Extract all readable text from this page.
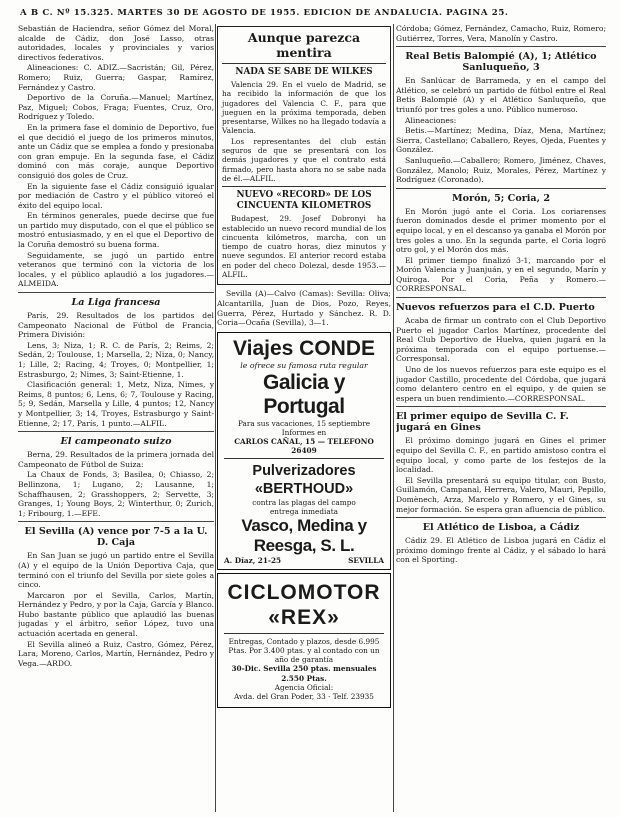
A B C. Nº 15.325. MARTES 30 DE AGOSTO DE 1955. EDICION DE ANDALUCIA. PAGINA 25.

Sebastián de Haciendra, señor Gómez del Moral, alcalde de Cádiz, don José Lasso, otras autoridades, locales y provinciales y varios directivos federativos.

Alineaciones: C. ADIZ.—Sacristán; Gil, Pérez, Romero; Ruiz, Guerra; Gaspar, Ramírez, Fernández y Castro.

Deportivo de la Coruña.—Manuel; Martínez, Paz, Miguel; Cobos, Fraga; Fuentes, Cruz, Oro, Rodríguez y Toledo.

En la primera fase el dominio de Deportivo, fue el que decidió el juego de los primeros minutos, ante un Cádiz que se emplea a fondo y presionaba con gran empuje. En la segunda fase, el Cádiz dominó con más coraje, aunque Deportivo consiguió dos goles de Cruz.

En la siguiente fase el Cádiz consiguió igualar por mediación de Castro y el público vitoreó el éxito del equipo local.

En términos generales, puede decirse que fue un partido muy disputado, con el que el público se mostró entusiasmado, y en el que el Deportivo de la Coruña demostró su buena forma.

Seguidamente, se jugó un partido entre veteranos que terminó con la victoria de los locales, y el público aplaudió a los jugadores.—ALMEIDA.

La Liga francesa

París, 29. Resultados de los partidos del Campeonato Nacional de Fútbol de Francia, Primera División:

Lens, 3; Niza, 1; R. C. de París, 2; Reims, 2; Sedán, 2; Toulouse, 1; Marsella, 2; Niza, 0; Nancy, 1; Lille, 2; Racing, 4; Troyes, 0; Montpellier, 1; Estrasburgo, 2; Nimes, 3; Saint-Etienne, 1.

Clasificación general: 1, Metz, Niza, Nimes, y Reims, 8 puntos; 6, Lens, 6; 7, Toulouse y Racing, 5; 9, Sedán, Marsella y Lille, 4 puntos; 12, Nancy y Montpellier, 3; 14, Troyes, Estrasburgo y Saint-Etienne, 2; 17, París, 1 punto.—ALFIL.

El campeonato suizo

Berna, 29. Resultados de la primera jornada del Campeonato de Fútbol de Suiza:

La Chaux de Fonds, 3; Basilea, 0; Chiasso, 2; Bellinzona, 1; Lugano, 2; Lausanne, 1; Schaffhausen, 2; Grasshoppers, 2; Servette, 3; Granges, 1; Young Boys, 2; Winterthur, 0; Zurich, 1; Fribourg, 1.—EFE.

El Sevilla (A) vence por 7-5 a la U. D. Caja

En San Juan se jugó un partido entre el Sevilla (A) y el equipo de la Unión Deportiva Caja, que terminó con el triunfo del Sevilla por siete goles a cinco.

Marcaron por el Sevilla, Carlos, Martín, Hernández y Pedro, y por la Caja, García y Blanco. Hubo bastante público que aplaudió las buenas jugadas y el árbitro, señor López, tuvo una actuación acertada en general.

El Sevilla alineó a Ruiz, Castro, Gómez, Pérez, Lara, Moreno, Carlos, Martín, Hernández, Pedro y Vega.—ARDO.

Aunque parezca mentira
NADA SE SABE DE WILKES

Valencia 29. En el vuelo de Madrid, se ha recibido la información de que los jugadores del Valencia C. F., para que jueguen en la próxima temporada, deben presentarse, Wilkes no ha llegado todavía a Valencia.

Los representantes del club están seguros de que se presentará con los demás jugadores y que el contrato está firmado, pero hasta ahora no se sabe nada de él.—ALFIL.

NUEVO «RECORD» DE LOS CINCUENTA KILOMETROS

Budapest, 29. Josef Dobronyi ha establecido un nuevo record mundial de los cincuenta kilómetros, marcha, con un tiempo de cuatro horas, diez minutos y nueve segundos. El anterior record estaba en poder del checo Dolezal, desde 1953.—ALFIL.

Sevilla (A)—Calvo (Camas): Sevilla: Oliva; Alcantarilla, Juan de Dios, Pozo, Reyes, Guerra, Pérez, Hurtado y Sánchez. R. D. Coria—Ocaña (Sevilla), 3—1.

Viajes CONDE
le ofrece su famosa ruta regular
Galicia y Portugal
Para sus vacaciones, 15 septiembre
Informes en
CARLOS CAÑAL, 15 — TELEFONO 26409
Pulverizadores «BERTHOUD»
contra las plagas del campo
entrega inmediata
Vasco, Medina y Reesga, S. L.
A. Díaz, 21-25	SEVILLA
CICLOMOTOR
«REX»
Entregas, Contado y plazos, desde 6.995 Ptas. Por 3.400 ptas. y al contado con un año de garantía
30-Dic. Sevilla 250 ptas. mensuales 2.550 Ptas.
Agencia Oficial:
Avda. del Gran Poder, 33 · Telf. 23935

Córdoba; Gómez, Fernández, Camacho, Ruiz, Romero; Gutiérrez, Torres, Vera, Manolín y Castro.

Real Betis Balompié (A), 1; Atlético Sanluqueño, 3

En Sanlúcar de Barrameda, y en el campo del Atlético, se celebró un partido de fútbol entre el Real Betis Balompié (A) y el Atlético Sanluqueño, que triunfó por tres goles a uno. Público numeroso.

Alineaciones:

Betis.—Martínez; Medina, Díaz, Mena, Martínez; Sierra, Castellano; Caballero, Reyes, Ojeda, Fuentes y González.

Sanluqueño.—Caballero; Romero, Jiménez, Chaves, González, Manolo; Ruiz, Morales, Pérez, Martínez y Rodríguez (Coronado).

Morón, 5; Coria, 2

En Morón jugó ante el Coria. Los coriarenses fueron dominados desde el primer momento por el equipo local, y en el descanso ya ganaba el Morón por tres goles a uno. En la segunda parte, el Coria logró otro gol, y el Morón dos más.

El primer tiempo finalizó 3-1, marcando por el Morón Valencia y Juanjuán, y en el segundo, Marín y Quiroga. Por el Coria, Peña y Romero.—CORRESPONSAL.

Nuevos refuerzos para el C.D. Puerto

Acaba de firmar un contrato con el Club Deportivo Puerto el jugador Carlos Martínez, procedente del Real Club Deportivo de Huelva, quien jugará en la próxima temporada con el equipo portuense.—Corresponsal.

Uno de los nuevos refuerzos para este equipo es el jugador Castillo, procedente del Córdoba, que jugará como delantero centro en el equipo, y de quien se espera un buen rendimiento.—CORRESPONSAL.

El primer equipo de Sevilla C. F. jugará en Gines

El próximo domingo jugará en Gines el primer equipo del Sevilla C. F., en partido amistoso contra el equipo local, y como parte de los festejos de la localidad.

El Sevilla presentará su equipo titular, con Busto, Guillamón, Campanal, Herrera, Valero, Mauri, Pepillo, Domènech, Arza, Marcelo y Romero, y el Gines, su mejor formación. Se espera gran afluencia de público.

El Atlético de Lisboa, a Cádiz

Cádiz 29. El Atlético de Lisboa jugará en Cádiz el próximo domingo frente al Cádiz, y el sábado lo hará con el Sporting.
